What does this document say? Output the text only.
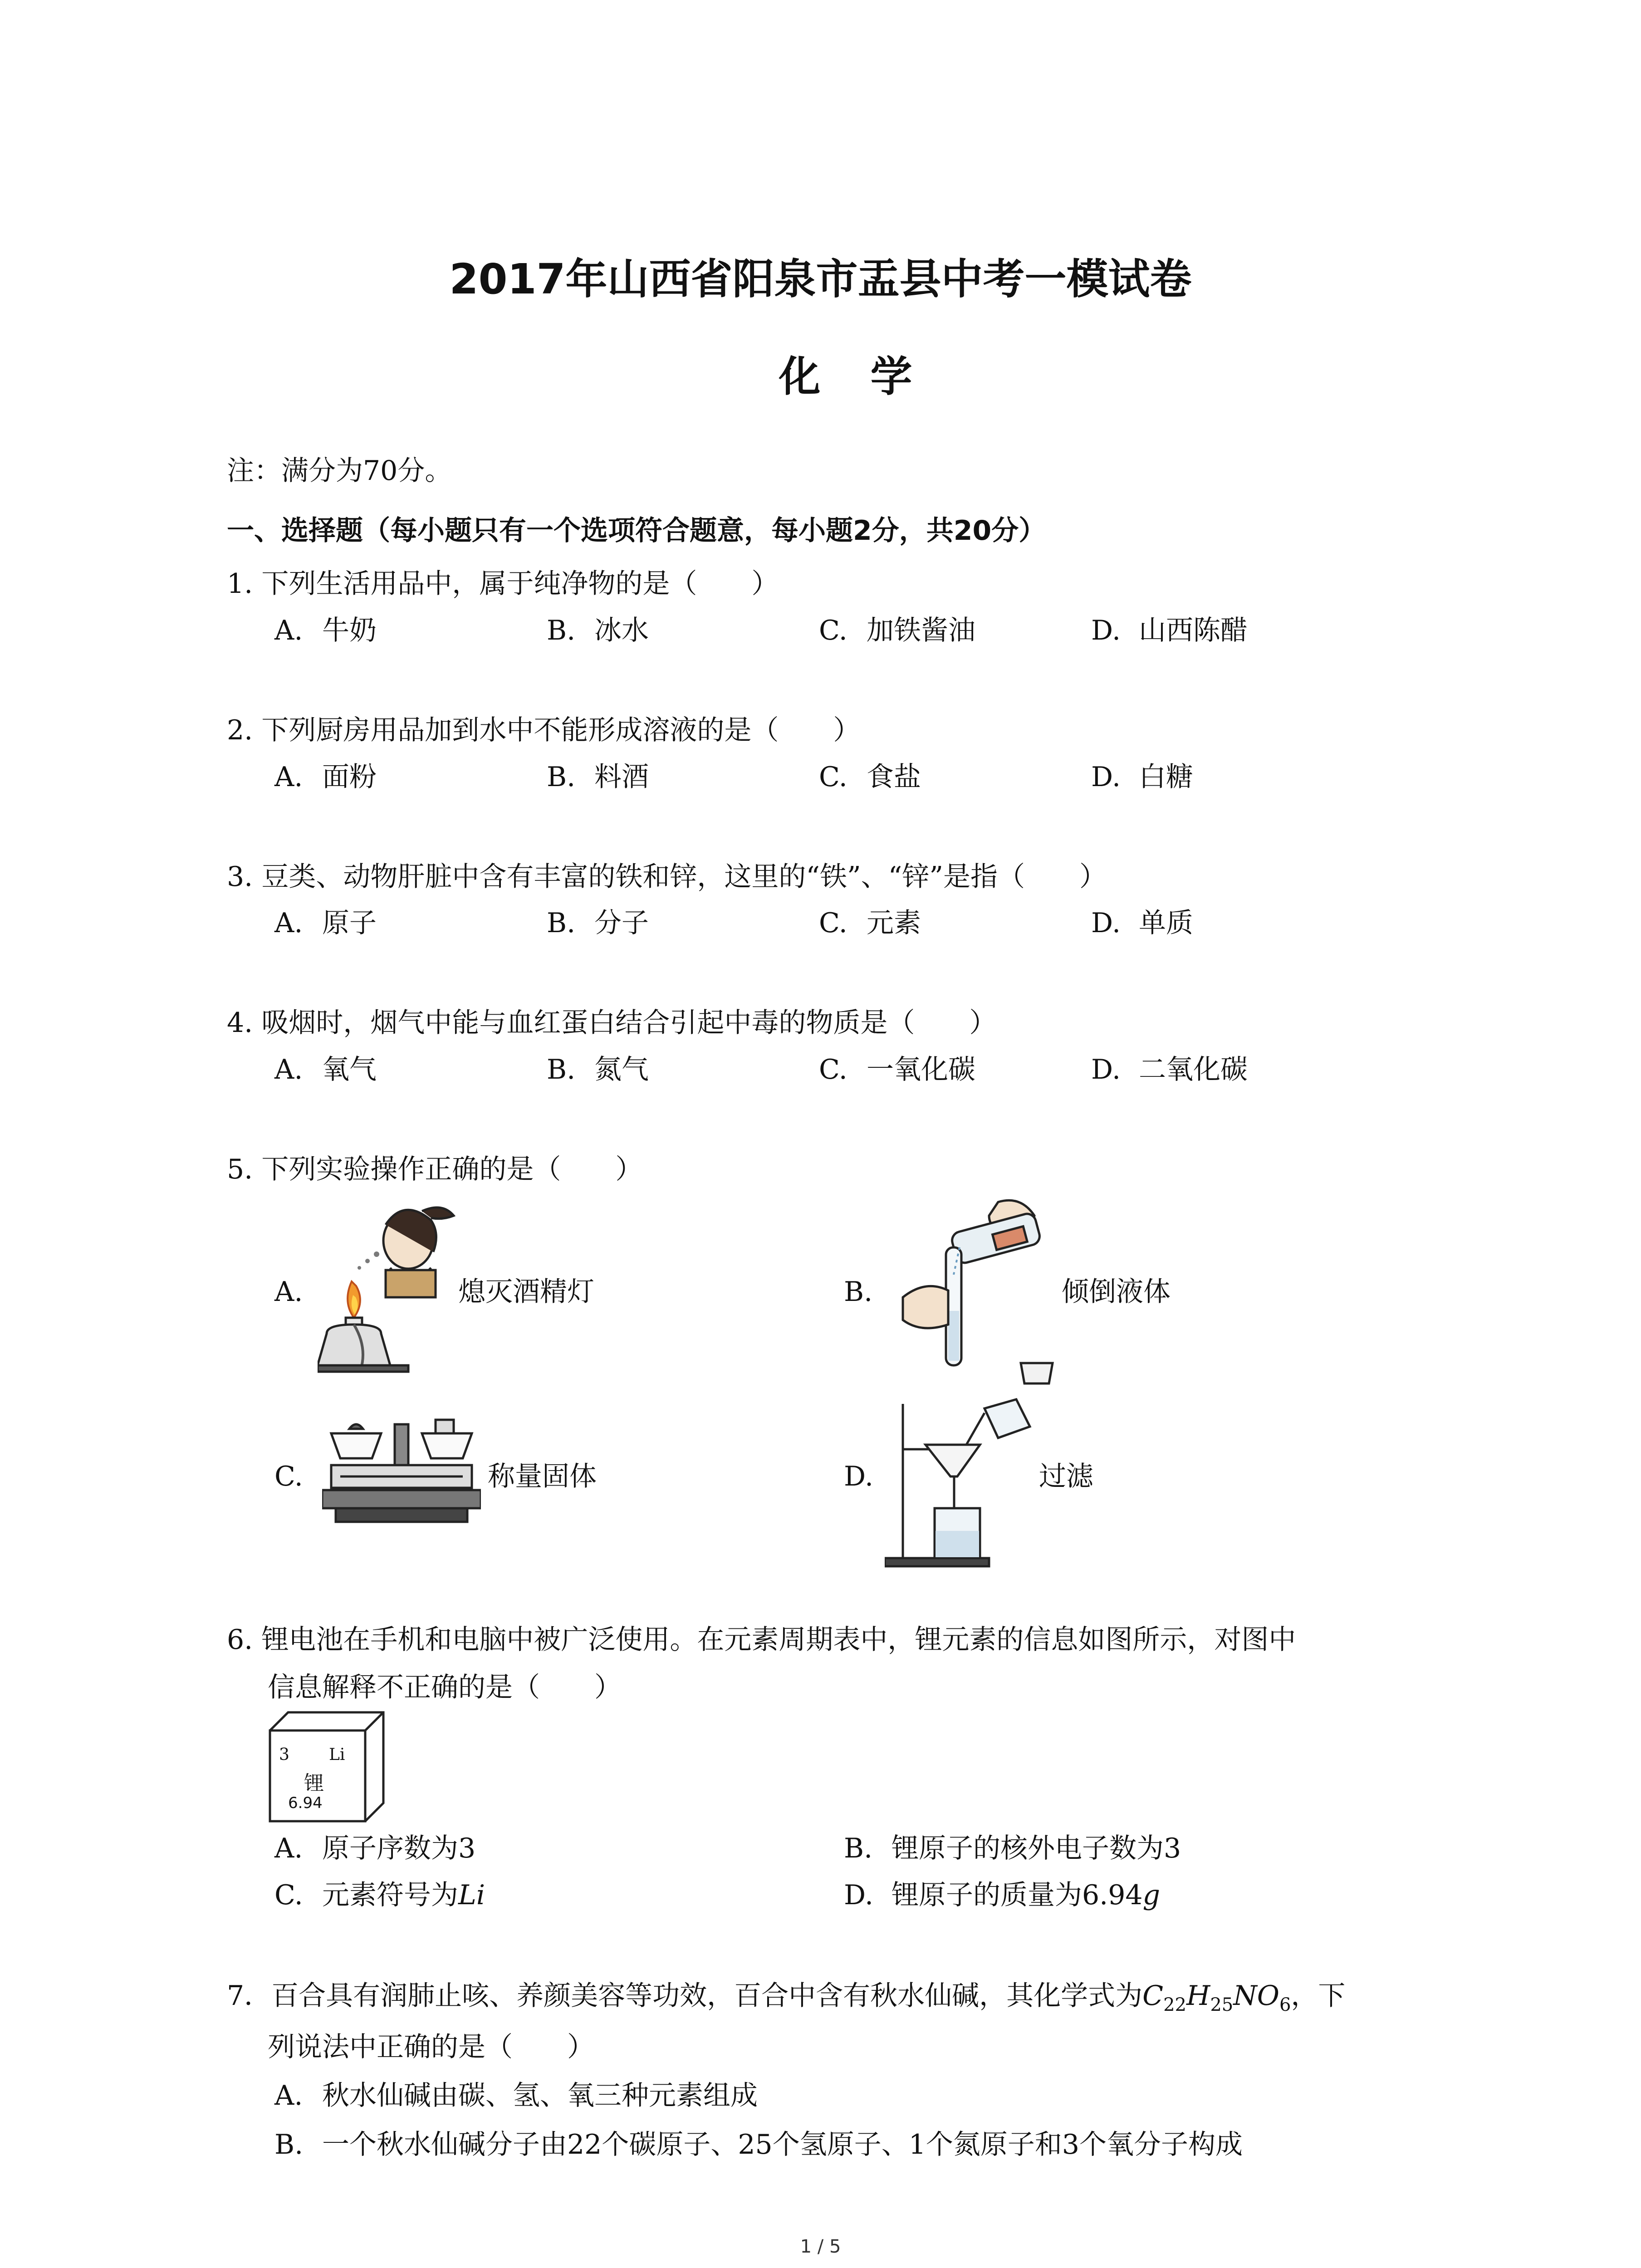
2017年山西省阳泉市盂县中考一模试卷
化学
注：满分为70分。
一、选择题（每小题只有一个选项符合题意，每小题2分，共20分）
1. 下列生活用品中，属于纯净物的是（　　）
A. 牛奶	B. 冰水	C. 加铁酱油	D. 山西陈醋
2. 下列厨房用品加到水中不能形成溶液的是（　　）
A. 面粉	B. 料酒	C. 食盐	D. 白糖
3. 豆类、动物肝脏中含有丰富的铁和锌，这里的“铁”、“锌”是指（　　）
A. 原子	B. 分子	C. 元素	D. 单质
4. 吸烟时，烟气中能与血红蛋白结合引起中毒的物质是（　　）
A. 氧气	B. 氮气	C. 一氧化碳	D. 二氧化碳
5. 下列实验操作正确的是（　　）
A.	熄灭酒精灯	B.	倾倒液体
C.	称量固体	D.	过滤
6. 锂电池在手机和电脑中被广泛使用。在元素周期表中，锂元素的信息如图所示，对图中
信息解释不正确的是（　　）
3 Li
锂
6.94
A. 原子序数为3	B. 锂原子的核外电子数为3
C. 元素符号为Li	D. 锂原子的质量为6.94g
7．百合具有润肺止咳、养颜美容等功效，百合中含有秋水仙碱，其化学式为$C_{22}H_{25}NO_6$，下
列说法中正确的是（　　）
A. 秋水仙碱由碳、氢、氧三种元素组成
B. 一个秋水仙碱分子由22个碳原子、25个氢原子、1个氮原子和3个氧分子构成
1 / 5
